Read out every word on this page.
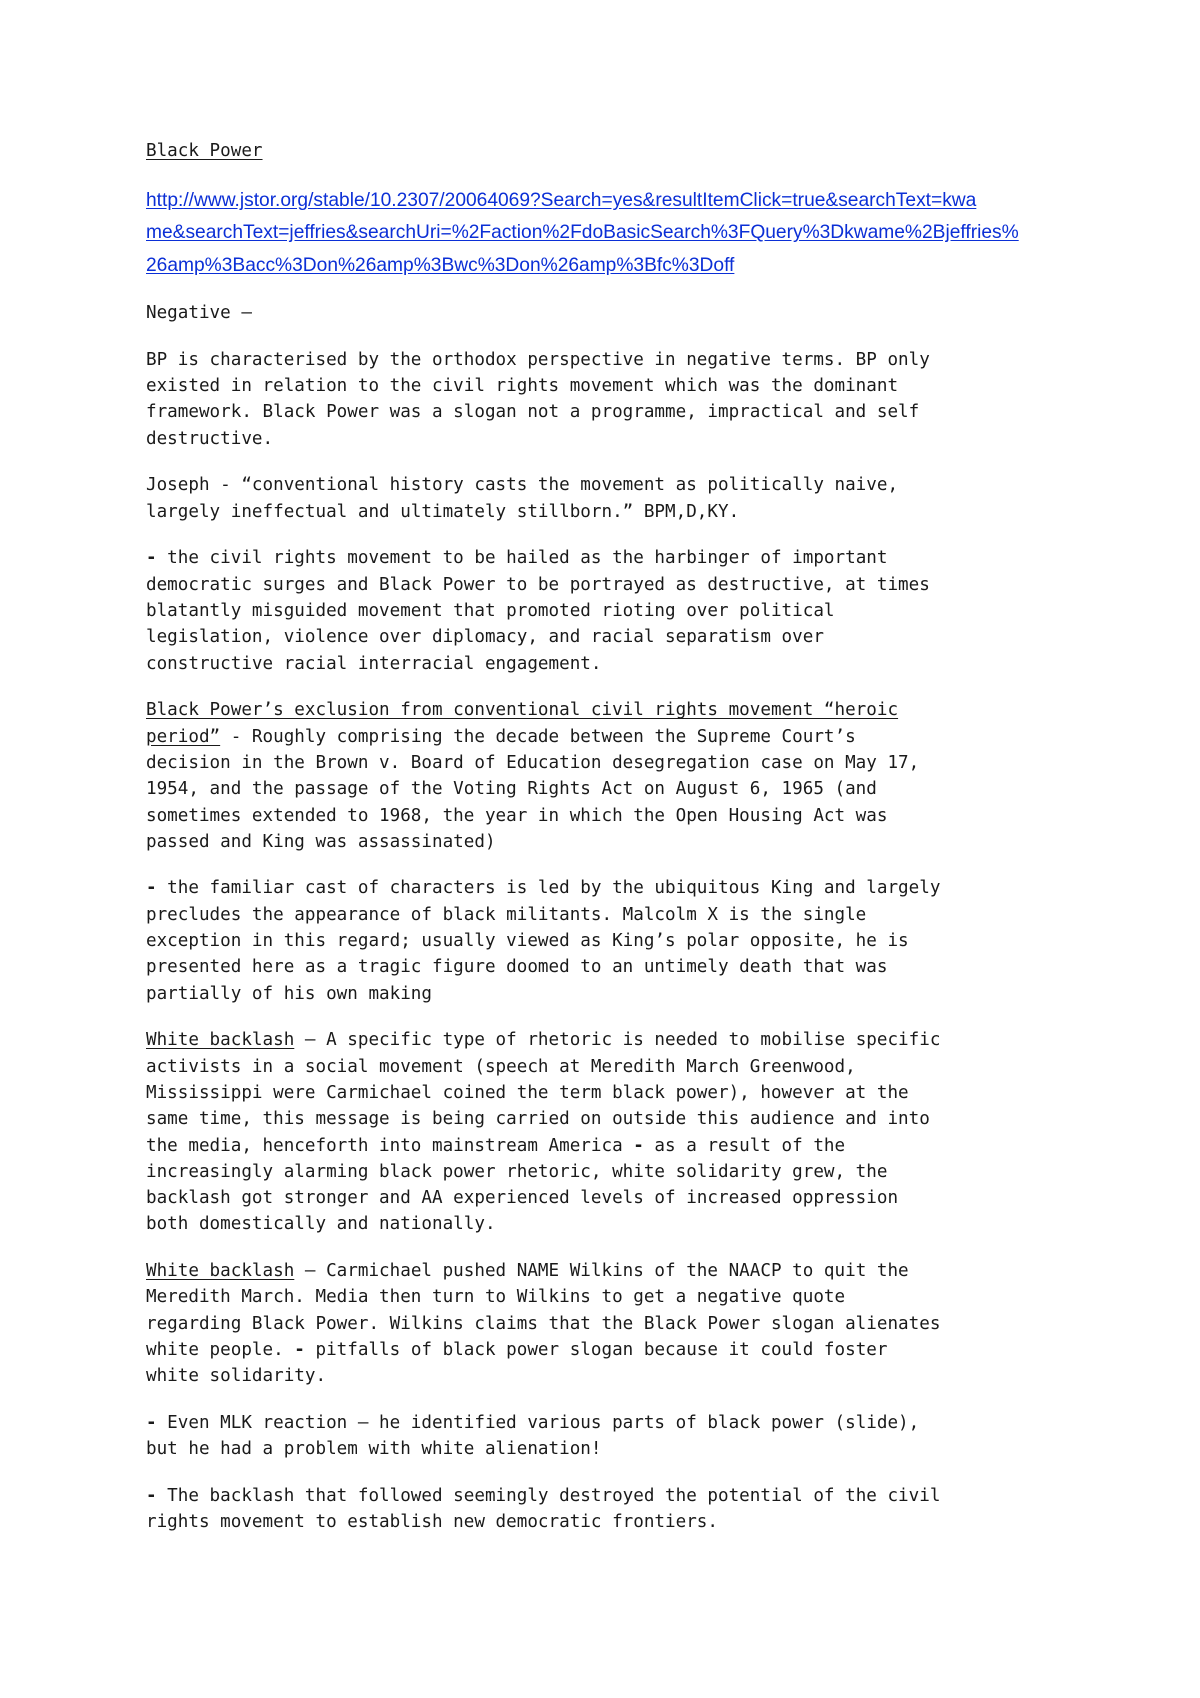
Black Power

http://www.jstor.org/stable/10.2307/20064069?Search=yes&resultItemClick=true&searchText=kwa
me&searchText=jeffries&searchUri=%2Faction%2FdoBasicSearch%3FQuery%3Dkwame%2Bjeffries%
26amp%3Bacc%3Don%26amp%3Bwc%3Don%26amp%3Bfc%3Doff

Negative –

BP is characterised by the orthodox perspective in negative terms. BP only
existed in relation to the civil rights movement which was the dominant
framework. Black Power was a slogan not a programme, impractical and self
destructive.

Joseph - “conventional history casts the movement as politically naive,
largely ineffectual and ultimately stillborn.” BPM,D,KY.

- the civil rights movement to be hailed as the harbinger of important
democratic surges and Black Power to be portrayed as destructive, at times
blatantly misguided movement that promoted rioting over political
legislation, violence over diplomacy, and racial separatism over
constructive racial interracial engagement.

Black Power’s exclusion from conventional civil rights movement “heroic
period” - Roughly comprising the decade between the Supreme Court’s
decision in the Brown v. Board of Education desegregation case on May 17,
1954, and the passage of the Voting Rights Act on August 6, 1965 (and
sometimes extended to 1968, the year in which the Open Housing Act was
passed and King was assassinated)

- the familiar cast of characters is led by the ubiquitous King and largely
precludes the appearance of black militants. Malcolm X is the single
exception in this regard; usually viewed as King’s polar opposite, he is
presented here as a tragic figure doomed to an untimely death that was
partially of his own making

White backlash – A specific type of rhetoric is needed to mobilise specific
activists in a social movement (speech at Meredith March Greenwood,
Mississippi were Carmichael coined the term black power), however at the
same time, this message is being carried on outside this audience and into
the media, henceforth into mainstream America - as a result of the
increasingly alarming black power rhetoric, white solidarity grew, the
backlash got stronger and AA experienced levels of increased oppression
both domestically and nationally.

White backlash – Carmichael pushed NAME Wilkins of the NAACP to quit the
Meredith March. Media then turn to Wilkins to get a negative quote
regarding Black Power. Wilkins claims that the Black Power slogan alienates
white people. - pitfalls of black power slogan because it could foster
white solidarity.

- Even MLK reaction – he identified various parts of black power (slide),
but he had a problem with white alienation!

- The backlash that followed seemingly destroyed the potential of the civil
rights movement to establish new democratic frontiers.
